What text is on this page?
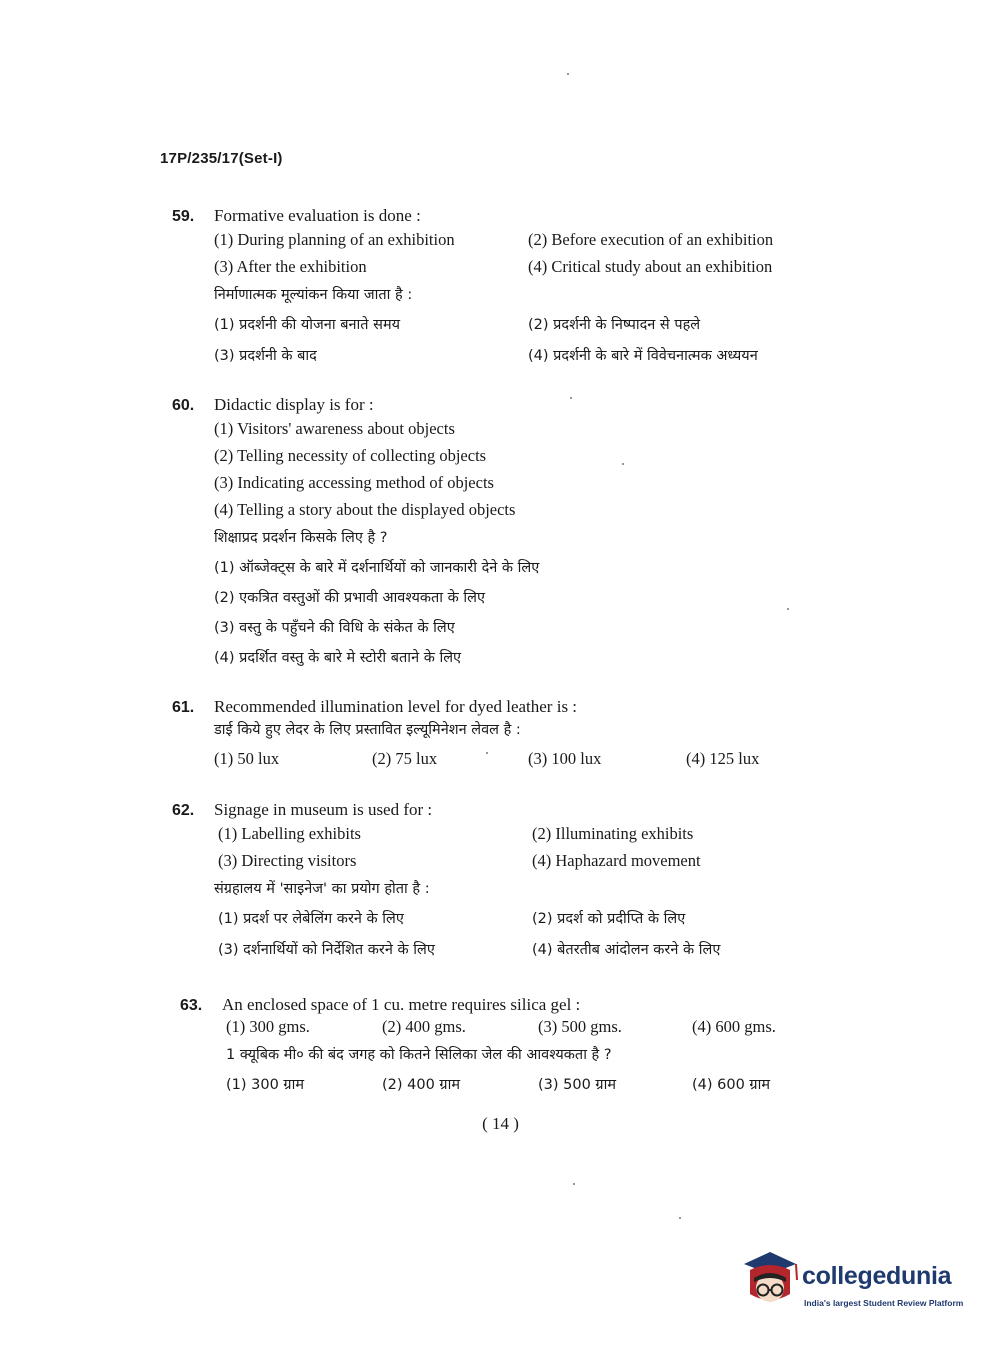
17P/235/17(Set-I)
59.	Formative evaluation is done :
(1) During planning of an exhibition	(2) Before execution of an exhibition
(3) After the exhibition	(4) Critical study about an exhibition
निर्माणात्मक मूल्यांकन किया जाता है :
(1) प्रदर्शनी की योजना बनाते समय	(2) प्रदर्शनी के निष्पादन से पहले
(3) प्रदर्शनी के बाद	(4) प्रदर्शनी के बारे में विवेचनात्मक अध्ययन
60.	Didactic display is for :
(1) Visitors' awareness about objects
(2) Telling necessity of collecting objects
(3) Indicating accessing method of objects
(4) Telling a story about the displayed objects
शिक्षाप्रद प्रदर्शन किसके लिए है ?
(1) ऑब्जेक्ट्स के बारे में दर्शनार्थियों को जानकारी देने के लिए
(2) एकत्रित वस्तुओं की प्रभावी आवश्यकता के लिए
(3) वस्तु के पहुँचने की विधि के संकेत के लिए
(4) प्रदर्शित वस्तु के बारे मे स्टोरी बताने के लिए
61.	Recommended illumination level for dyed leather is :
डाई किये हुए लेदर के लिए प्रस्तावित इल्यूमिनेशन लेवल है :
(1) 50 lux	(2) 75 lux	(3) 100 lux	(4) 125 lux
62.	Signage in museum is used for :
(1) Labelling exhibits	(2) Illuminating exhibits
(3) Directing visitors	(4) Haphazard movement
संग्रहालय में 'साइनेज' का प्रयोग होता है :
(1) प्रदर्श पर लेबेलिंग करने के लिए	(2) प्रदर्श को प्रदीप्ति के लिए
(3) दर्शनार्थियों को निर्देशित करने के लिए	(4) बेतरतीब आंदोलन करने के लिए
63.	An enclosed space of 1 cu. metre requires silica gel :
(1) 300 gms.	(2) 400 gms.	(3) 500 gms.	(4) 600 gms.
1 क्यूबिक मी० की बंद जगह को कितने सिलिका जेल की आवश्यकता है ?
(1) 300 ग्राम	(2) 400 ग्राम	(3) 500 ग्राम	(4) 600 ग्राम
( 14 )
collegedunia
India's largest Student Review Platform
